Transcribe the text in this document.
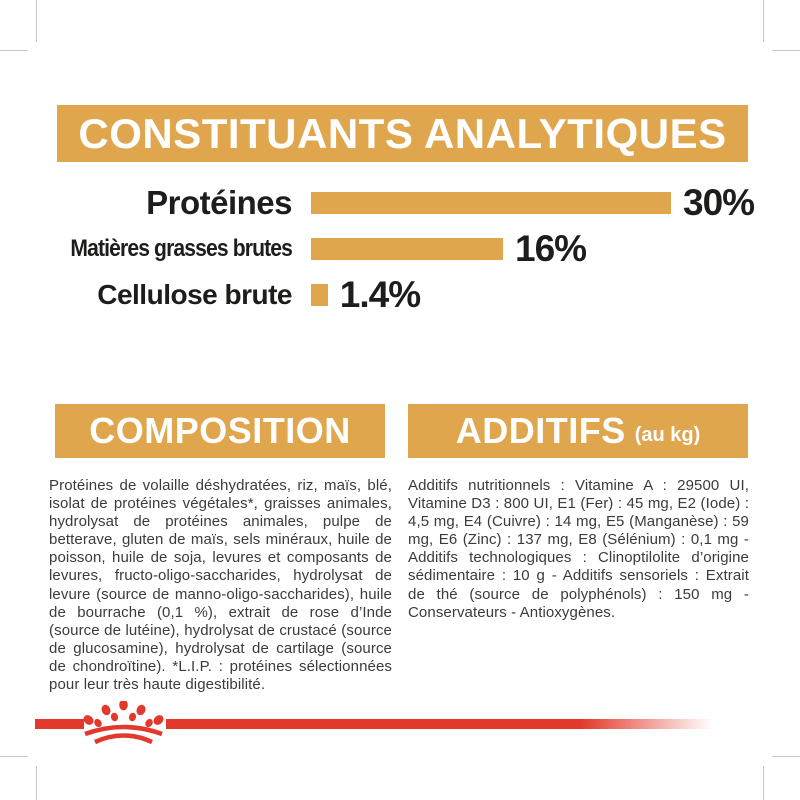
CONSTITUANTS ANALYTIQUES
Protéines	30%
Matières grasses brutes	16%
Cellulose brute 1.4%
COMPOSITION

Protéines de volaille déshydratées, riz, maïs, blé, isolat de protéines végétales*, graisses animales, hydrolysat de protéines animales, pulpe de betterave, gluten de maïs, sels minéraux, huile de poisson, huile de soja, levures et composants de levures, fructo-oligo-saccharides, hydrolysat de levure (source de manno-oligo-saccharides), huile de bourrache (0,1 %), extrait de rose d’Inde (source de lutéine), hydrolysat de crustacé (source de glucosamine), hydrolysat de cartilage (source de chondroïtine). *L.I.P. : protéines sélectionnées pour leur très haute digestibilité.

ADDITIFS (au kg)

Additifs nutritionnels : Vitamine A : 29500 UI, Vitamine D3 : 800 UI, E1 (Fer) : 45 mg, E2 (Iode) : 4,5 mg, E4 (Cuivre) : 14 mg, E5 (Manganèse) : 59 mg, E6 (Zinc) : 137 mg, E8 (Sélénium) : 0,1 mg - Additifs technologiques : Clinoptilolite d’origine sédimentaire : 10 g - Additifs sensoriels : Extrait de thé (source de polyphénols) : 150 mg - Conservateurs - Antioxygènes.
